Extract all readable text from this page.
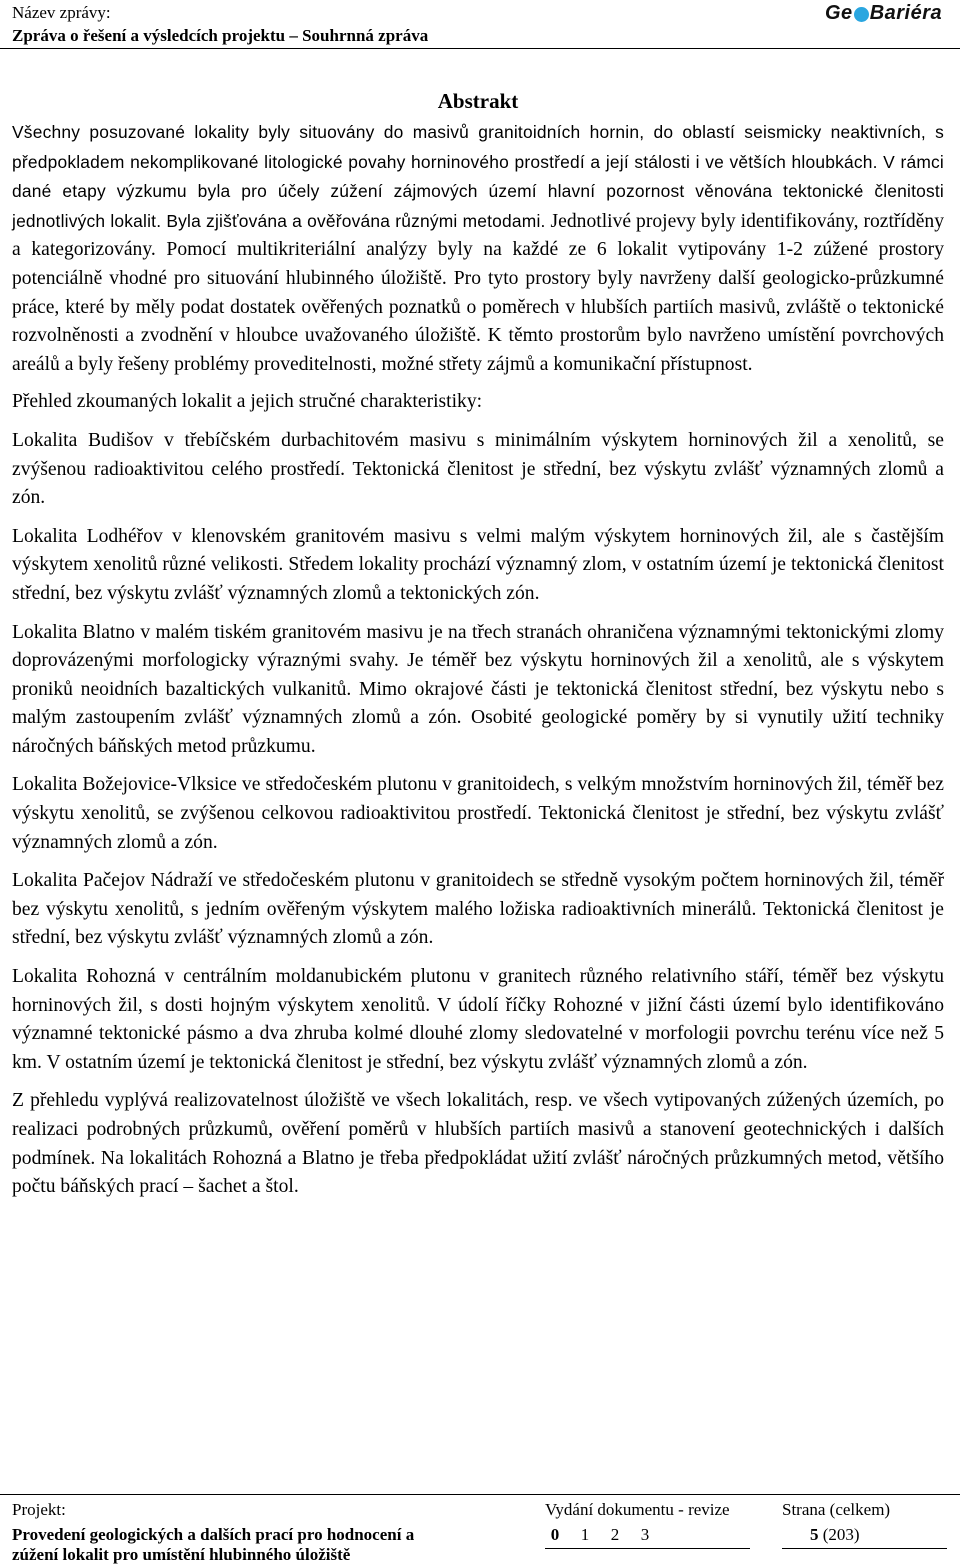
Název zprávy:
Zpráva o řešení a výsledcích projektu – Souhrnná zpráva
Ge Bariéra
Abstrakt

Všechny posuzované lokality byly situovány do masivů granitoidních hornin, do oblastí seismicky neaktivních, s předpokladem nekomplikované litologické povahy horninového prostředí a její stálosti i ve větších hloubkách. V rámci dané etapy výzkumu byla pro účely zúžení zájmových území hlavní pozornost věnována tektonické členitosti jednotlivých lokalit. Byla zjišťována a ověřována různými metodami. Jednotlivé projevy byly identifikovány, roztříděny a kategorizovány. Pomocí multikriteriální analýzy byly na každé ze 6 lokalit vytipovány 1-2 zúžené prostory potenciálně vhodné pro situování hlubinného úložiště. Pro tyto prostory byly navrženy další geologicko-průzkumné práce, které by měly podat dostatek ověřených poznatků o poměrech v hlubších partiích masivů, zvláště o tektonické rozvolněnosti a zvodnění v hloubce uvažovaného úložiště. K těmto prostorům bylo navrženo umístění povrchových areálů a byly řešeny problémy proveditelnosti, možné střety zájmů a komunikační přístupnost.

Přehled zkoumaných lokalit a jejich stručné charakteristiky:

Lokalita Budišov v třebíčském durbachitovém masivu s minimálním výskytem horninových žil a xenolitů, se zvýšenou radioaktivitou celého prostředí. Tektonická členitost je střední, bez výskytu zvlášť významných zlomů a zón.

Lokalita Lodhéřov v klenovském granitovém masivu s velmi malým výskytem horninových žil, ale s častějším výskytem xenolitů různé velikosti. Středem lokality prochází významný zlom, v ostatním území je tektonická členitost střední, bez výskytu zvlášť významných zlomů a tektonických zón.

Lokalita Blatno v malém tiském granitovém masivu je na třech stranách ohraničena významnými tektonickými zlomy doprovázenými morfologicky výraznými svahy. Je téměř bez výskytu horninových žil a xenolitů, ale s výskytem proniků neoidních bazaltických vulkanitů. Mimo okrajové části je tektonická členitost střední, bez výskytu nebo s malým zastoupením zvlášť významných zlomů a zón. Osobité geologické poměry by si vynutily užití techniky náročných báňských metod průzkumu.

Lokalita Božejovice-Vlksice ve středočeském plutonu v granitoidech, s velkým množstvím horninových žil, téměř bez výskytu xenolitů, se zvýšenou celkovou radioaktivitou prostředí. Tektonická členitost je střední, bez výskytu zvlášť významných zlomů a zón.

Lokalita Pačejov Nádraží ve středočeském plutonu v granitoidech se středně vysokým počtem horninových žil, téměř bez výskytu xenolitů, s jedním ověřeným výskytem malého ložiska radioaktivních minerálů. Tektonická členitost je střední, bez výskytu zvlášť významných zlomů a zón.

Lokalita Rohozná v centrálním moldanubickém plutonu v granitech různého relativního stáří, téměř bez výskytu horninových žil, s dosti hojným výskytem xenolitů. V údolí říčky Rohozné v jižní části území bylo identifikováno významné tektonické pásmo a dva zhruba kolmé dlouhé zlomy sledovatelné v morfologii povrchu terénu více než 5 km. V ostatním území je tektonická členitost je střední, bez výskytu zvlášť významných zlomů a zón.

Z přehledu vyplývá realizovatelnost úložiště ve všech lokalitách, resp. ve všech vytipovaných zúžených územích, po realizaci podrobných průzkumů, ověření poměrů v hlubších partiích masivů a stanovení geotechnických i dalších podmínek. Na lokalitách Rohozná a Blatno je třeba předpokládat užití zvlášť náročných průzkumných metod, většího počtu báňských prací – šachet a štol.

Projekt:
Provedení geologických a dalších prací pro hodnocení a
zúžení lokalit pro umístění hlubinného úložiště
Vydání dokumentu - revize
0 1 2 3
Strana (celkem)
5 (203)
